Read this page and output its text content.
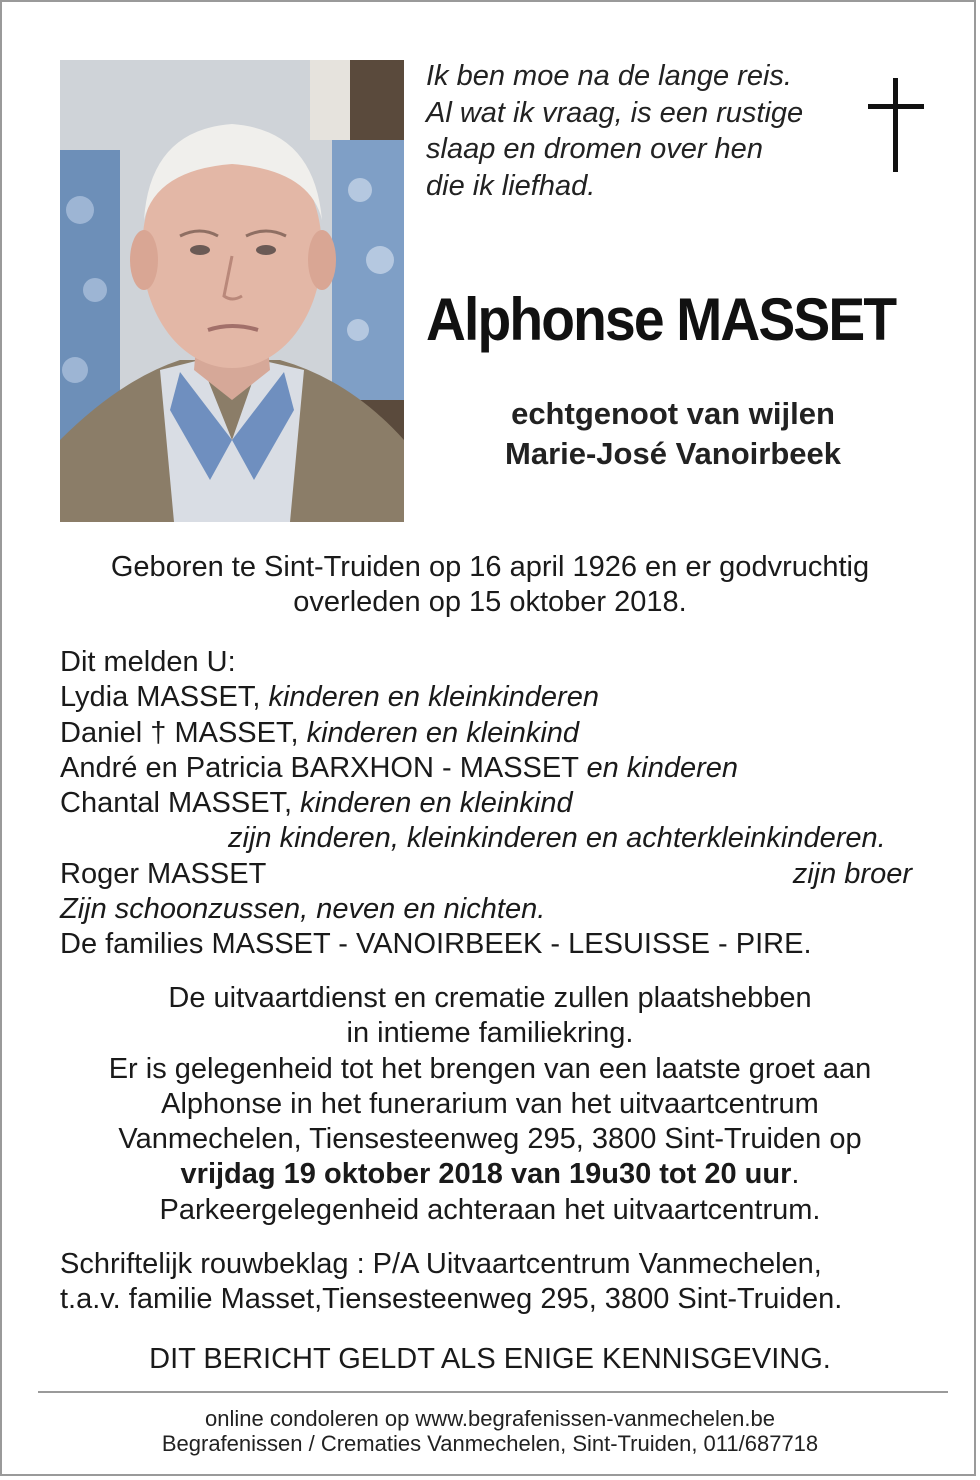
Ik ben moe na de lange reis.
Al wat ik vraag, is een rustige
slaap en dromen over hen
die ik liefhad.
Alphonse MASSET
echtgenoot van wijlen
Marie-José Vanoirbeek
Geboren te Sint-Truiden op 16 april 1926 en er godvruchtig
overleden op 15 oktober 2018.
Dit melden U:
Lydia MASSET, kinderen en kleinkinderen
Daniel † MASSET, kinderen en kleinkind
André en Patricia BARXHON - MASSET en kinderen
Chantal MASSET, kinderen en kleinkind
zijn kinderen, kleinkinderen en achterkleinkinderen.
Roger MASSET	zijn broer
Zijn schoonzussen, neven en nichten.
De families MASSET - VANOIRBEEK - LESUISSE - PIRE.
De uitvaartdienst en crematie zullen plaatshebben
in intieme familiekring.
Er is gelegenheid tot het brengen van een laatste groet aan
Alphonse in het funerarium van het uitvaartcentrum
Vanmechelen, Tiensesteenweg 295, 3800 Sint-Truiden op
vrijdag 19 oktober 2018 van 19u30 tot 20 uur.
Parkeergelegenheid achteraan het uitvaartcentrum.
Schriftelijk rouwbeklag : P/A Uitvaartcentrum Vanmechelen,
t.a.v. familie Masset,Tiensesteenweg 295, 3800 Sint-Truiden.
DIT BERICHT GELDT ALS ENIGE KENNISGEVING.
online condoleren op www.begrafenissen-vanmechelen.be
Begrafenissen / Crematies Vanmechelen, Sint-Truiden, 011/687718
